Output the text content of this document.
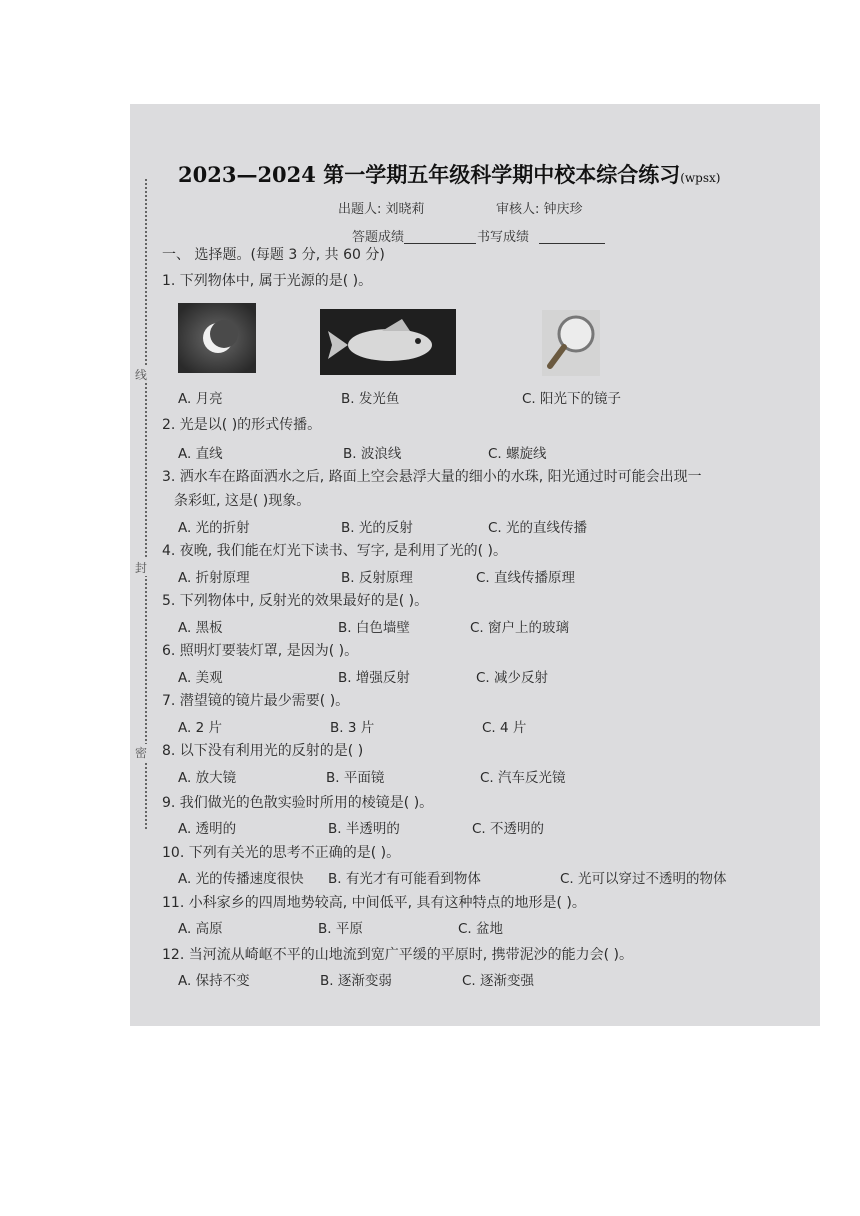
线
封
密
2023—2024 第一学期五年级科学期中校本综合练习(wpsx)
出题人: 刘晓莉	审核人: 钟庆珍
答题成绩	书写成绩
一、 选择题。(每题 3 分, 共 60 分)
1. 下列物体中, 属于光源的是( )。
A. 月亮	B. 发光鱼	C. 阳光下的镜子
2. 光是以( )的形式传播。
A. 直线	B. 波浪线	C. 螺旋线
3. 洒水车在路面洒水之后, 路面上空会悬浮大量的细小的水珠, 阳光通过时可能会出现一
条彩虹, 这是( )现象。
A. 光的折射	B. 光的反射	C. 光的直线传播
4. 夜晚, 我们能在灯光下读书、写字, 是利用了光的( )。
A. 折射原理	B. 反射原理	C. 直线传播原理
5. 下列物体中, 反射光的效果最好的是( )。
A. 黑板	B. 白色墙壁	C. 窗户上的玻璃
6. 照明灯要装灯罩, 是因为( )。
A. 美观	B. 增强反射	C. 减少反射
7. 潜望镜的镜片最少需要( )。
A. 2 片	B. 3 片	C. 4 片
8. 以下没有利用光的反射的是( )
A. 放大镜	B. 平面镜	C. 汽车反光镜
9. 我们做光的色散实验时所用的棱镜是( )。
A. 透明的	B. 半透明的	C. 不透明的
10. 下列有关光的思考不正确的是( )。
A. 光的传播速度很快 B. 有光才有可能看到物体	C. 光可以穿过不透明的物体
11. 小科家乡的四周地势较高, 中间低平, 具有这种特点的地形是( )。
A. 高原	B. 平原	C. 盆地
12. 当河流从崎岖不平的山地流到宽广平缓的平原时, 携带泥沙的能力会( )。
A. 保持不变	B. 逐渐变弱	C. 逐渐变强
